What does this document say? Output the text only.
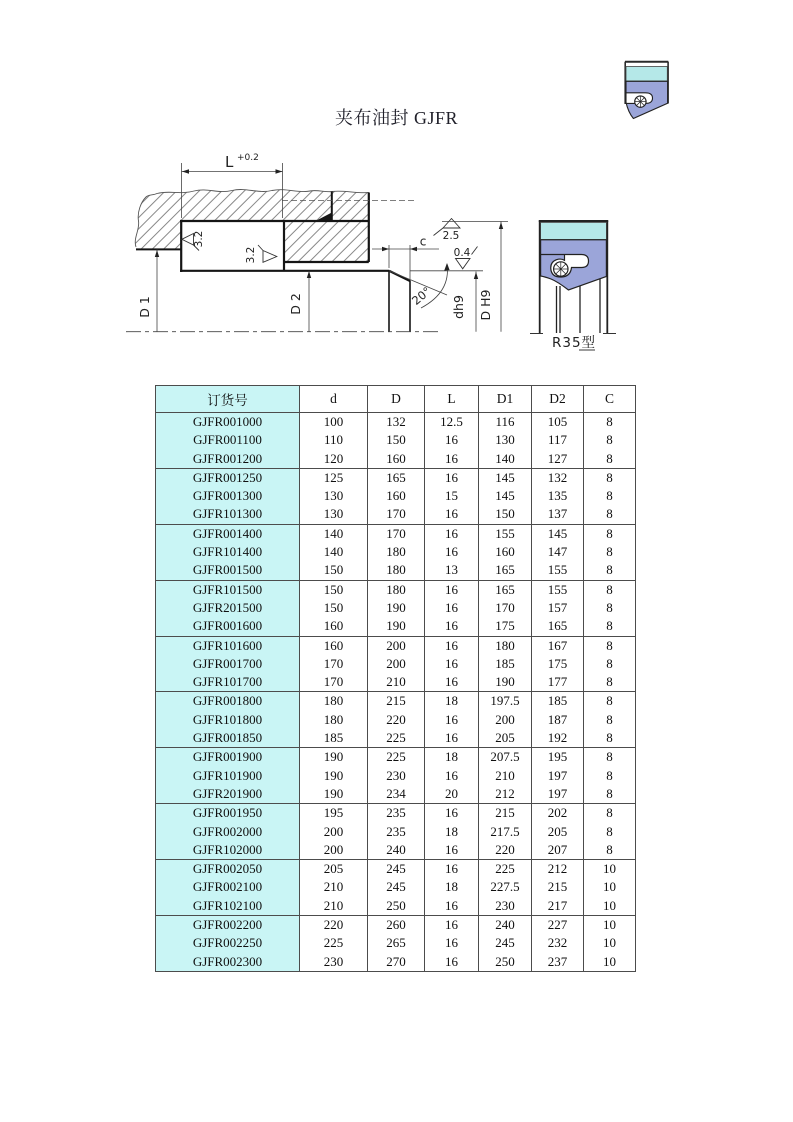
夹布油封 GJFR
L +0.2
3.2
3.2
2.5
0.4
c
20°
D 1	D 2	dh9 D H9
R35型
订货号	d	D	L	D1	D2	C
GJFR001000	100	132	12.5	116	105	8
GJFR001100	110	150	16	130	117	8
GJFR001200	120	160	16	140	127	8
GJFR001250	125	165	16	145	132	8
GJFR001300	130	160	15	145	135	8
GJFR101300	130	170	16	150	137	8
GJFR001400	140	170	16	155	145	8
GJFR101400	140	180	16	160	147	8
GJFR001500	150	180	13	165	155	8
GJFR101500	150	180	16	165	155	8
GJFR201500	150	190	16	170	157	8
GJFR001600	160	190	16	175	165	8
GJFR101600	160	200	16	180	167	8
GJFR001700	170	200	16	185	175	8
GJFR101700	170	210	16	190	177	8
GJFR001800	180	215	18	197.5	185	8
GJFR101800	180	220	16	200	187	8
GJFR001850	185	225	16	205	192	8
GJFR001900	190	225	18	207.5	195	8
GJFR101900	190	230	16	210	197	8
GJFR201900	190	234	20	212	197	8
GJFR001950	195	235	16	215	202	8
GJFR002000	200	235	18	217.5	205	8
GJFR102000	200	240	16	220	207	8
GJFR002050	205	245	16	225	212	10
GJFR002100	210	245	18	227.5	215	10
GJFR102100	210	250	16	230	217	10
GJFR002200	220	260	16	240	227	10
GJFR002250	225	265	16	245	232	10
GJFR002300	230	270	16	250	237	10
